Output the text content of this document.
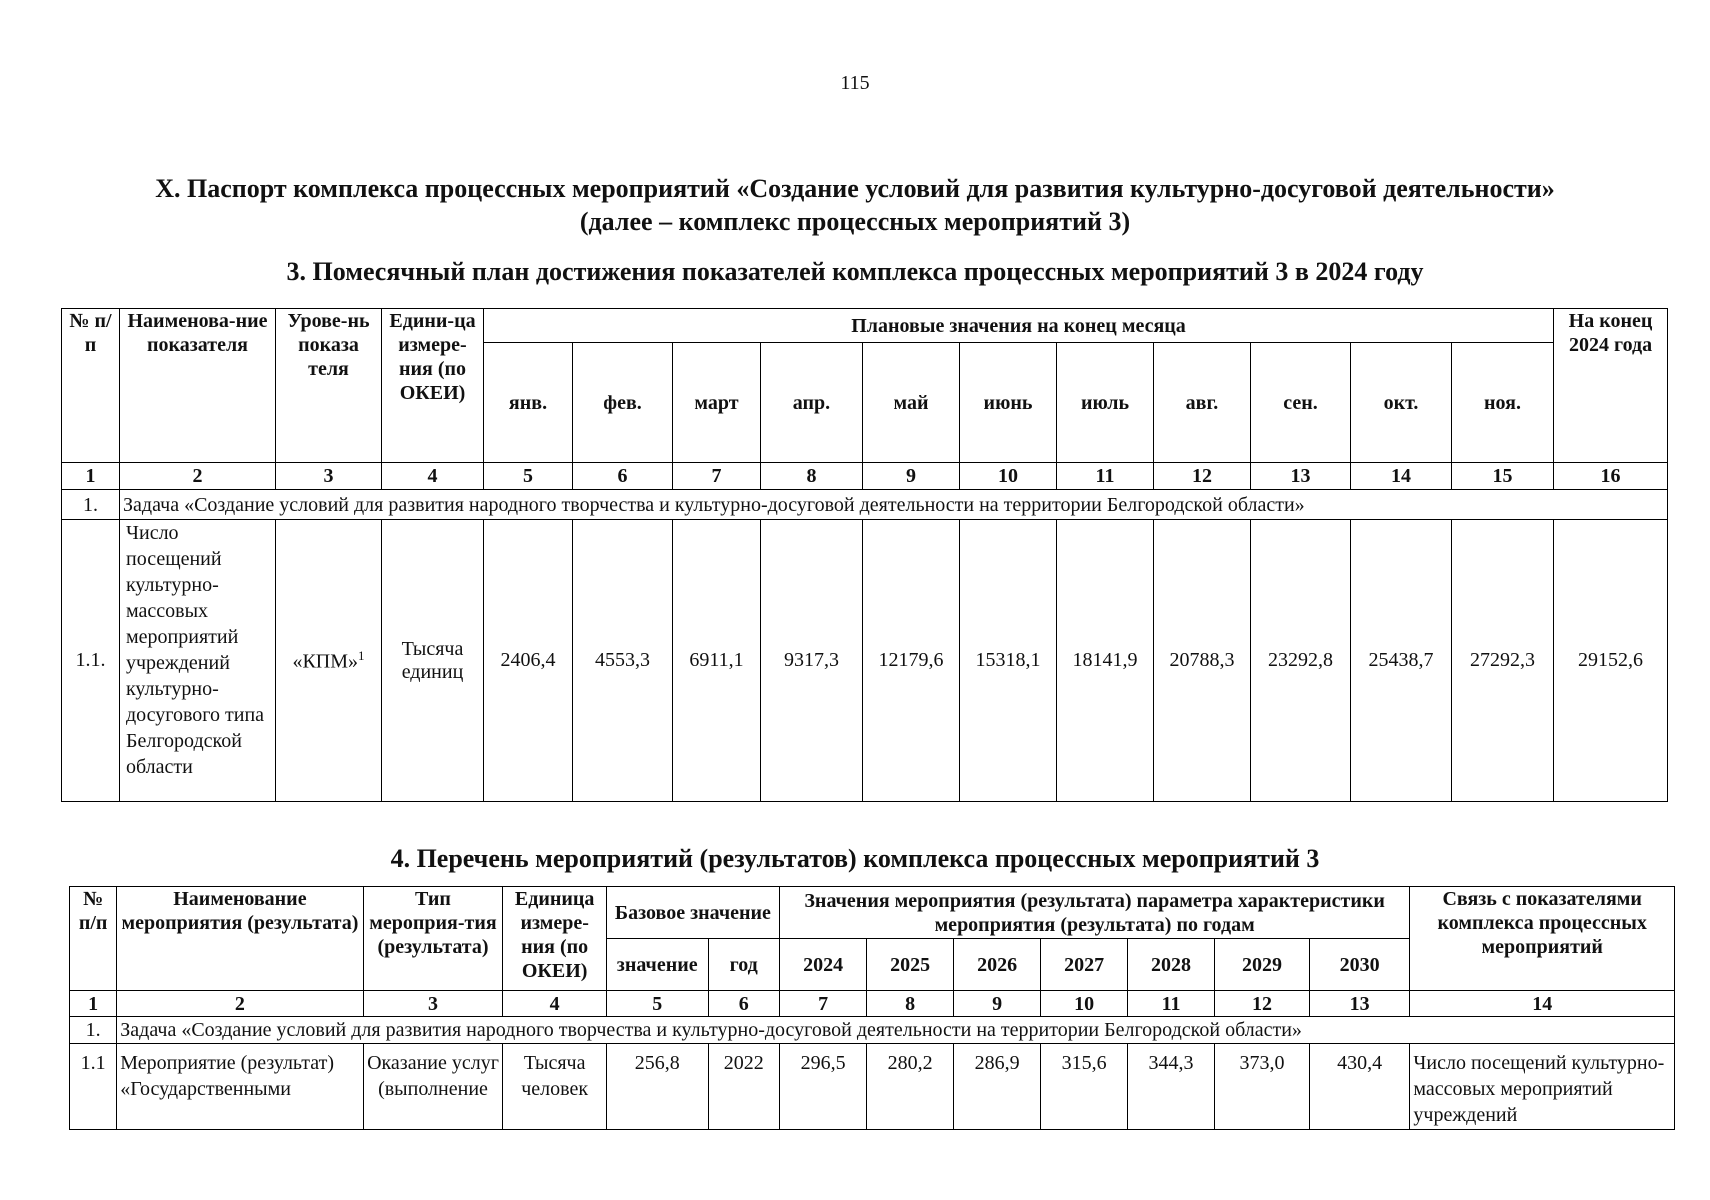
115
X. Паспорт комплекса процессных мероприятий «Создание условий для развития культурно-досуговой деятельности»
(далее – комплекс процессных мероприятий 3)
3. Помесячный план достижения показателей комплекса процессных мероприятий 3 в 2024 году
№ п/п	Наименова-ние показателя	Урове-нь показа теля	Едини-ца измере-ния (по ОКЕИ)	Плановые значения на конец месяца											На конец 2024 года
				янв.	фев.	март	апр.	май	июнь	июль	авг.	сен.	окт.	ноя.	
1	2	3	4	5	6	7	8	9	10	11	12	13	14	15	16
1.	Задача «Создание условий для развития народного творчества и культурно-досуговой деятельности на территории Белгородской области»														
1.1.	Число посещений культурно-массовых мероприятий учреждений культурно-досугового типа Белгородской области	«КПМ»$^1$	Тысяча единиц	2406,4	4553,3	6911,1	9317,3	12179,6	15318,1	18141,9	20788,3	23292,8	25438,7	27292,3	29152,6
4. Перечень мероприятий (результатов) комплекса процессных мероприятий 3
№ п/п	Наименование мероприятия (результата)	Тип мероприя-тия (результата)	Единица измере-ния (по ОКЕИ)	Базовое значение		Значения мероприятия (результата) параметра характеристики мероприятия (результата) по годам							Связь с показателями комплекса процессных мероприятий
				значение	год	2024	2025	2026	2027	2028	2029	2030	
1	2	3	4	5	6	7	8	9	10	11	12	13	14
1.	Задача «Создание условий для развития народного творчества и культурно-досуговой деятельности на территории Белгородской области»												
1.1	Мероприятие (результат) «Государственными	Оказание услуг (выполнение	Тысяча человек	256,8	2022	296,5	280,2	286,9	315,6	344,3	373,0	430,4	Число посещений культурно-массовых мероприятий учреждений
